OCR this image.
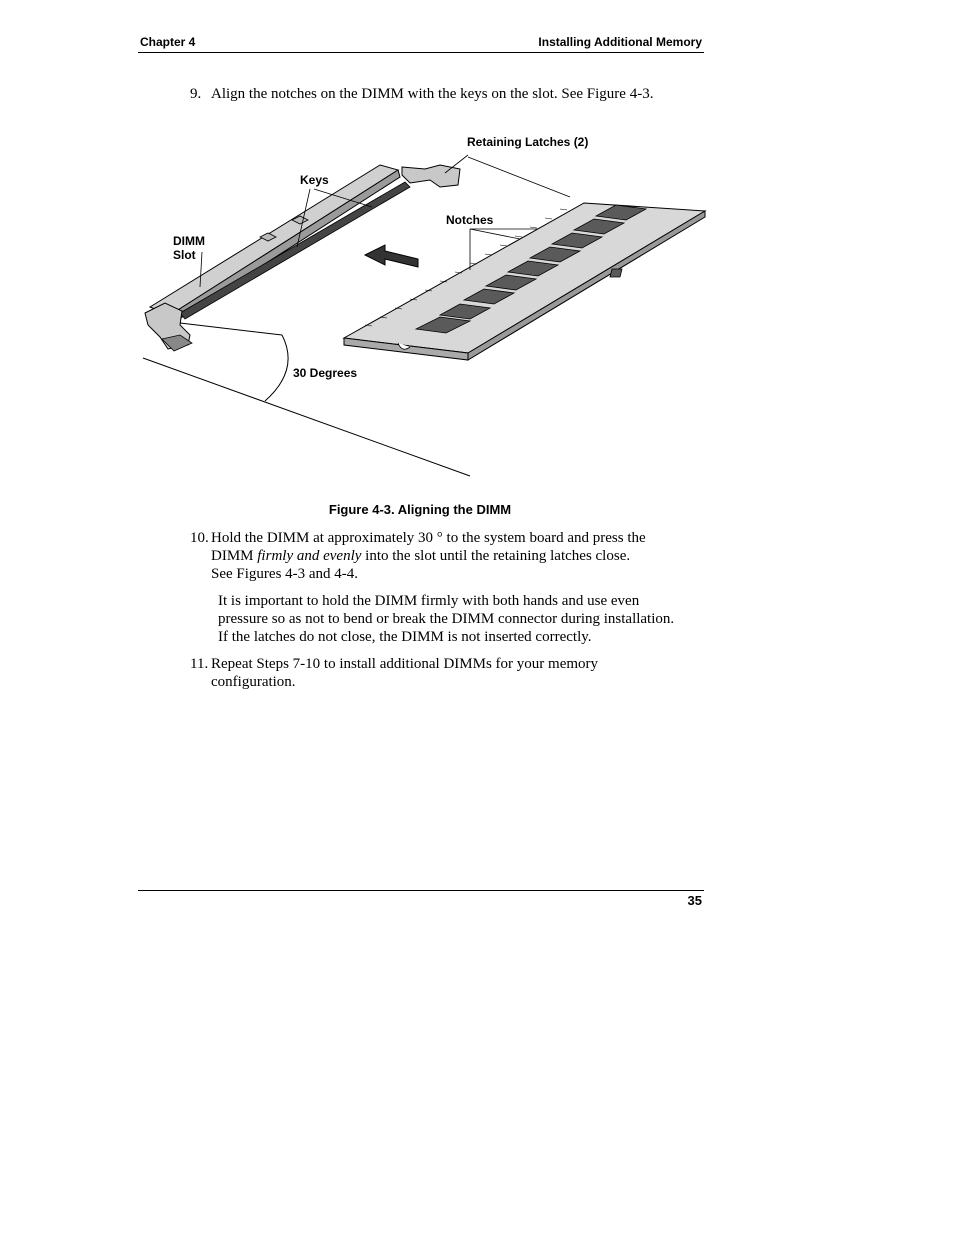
Chapter 4	Installing Additional Memory
9. Align the notches on the DIMM with the keys on the slot. See Figure 4-3.
Retaining Latches (2)
Keys
Notches
DIMM
Slot
30 Degrees
Figure 4-3. Aligning the DIMM
10. Hold the DIMM at approximately 30 ° to the system board and press the
DIMM firmly and evenly into the slot until the retaining latches close.
See Figures 4-3 and 4-4.
It is important to hold the DIMM firmly with both hands and use even
pressure so as not to bend or break the DIMM connector during installation.
If the latches do not close, the DIMM is not inserted correctly.
11. Repeat Steps 7-10 to install additional DIMMs for your memory
configuration.
35
